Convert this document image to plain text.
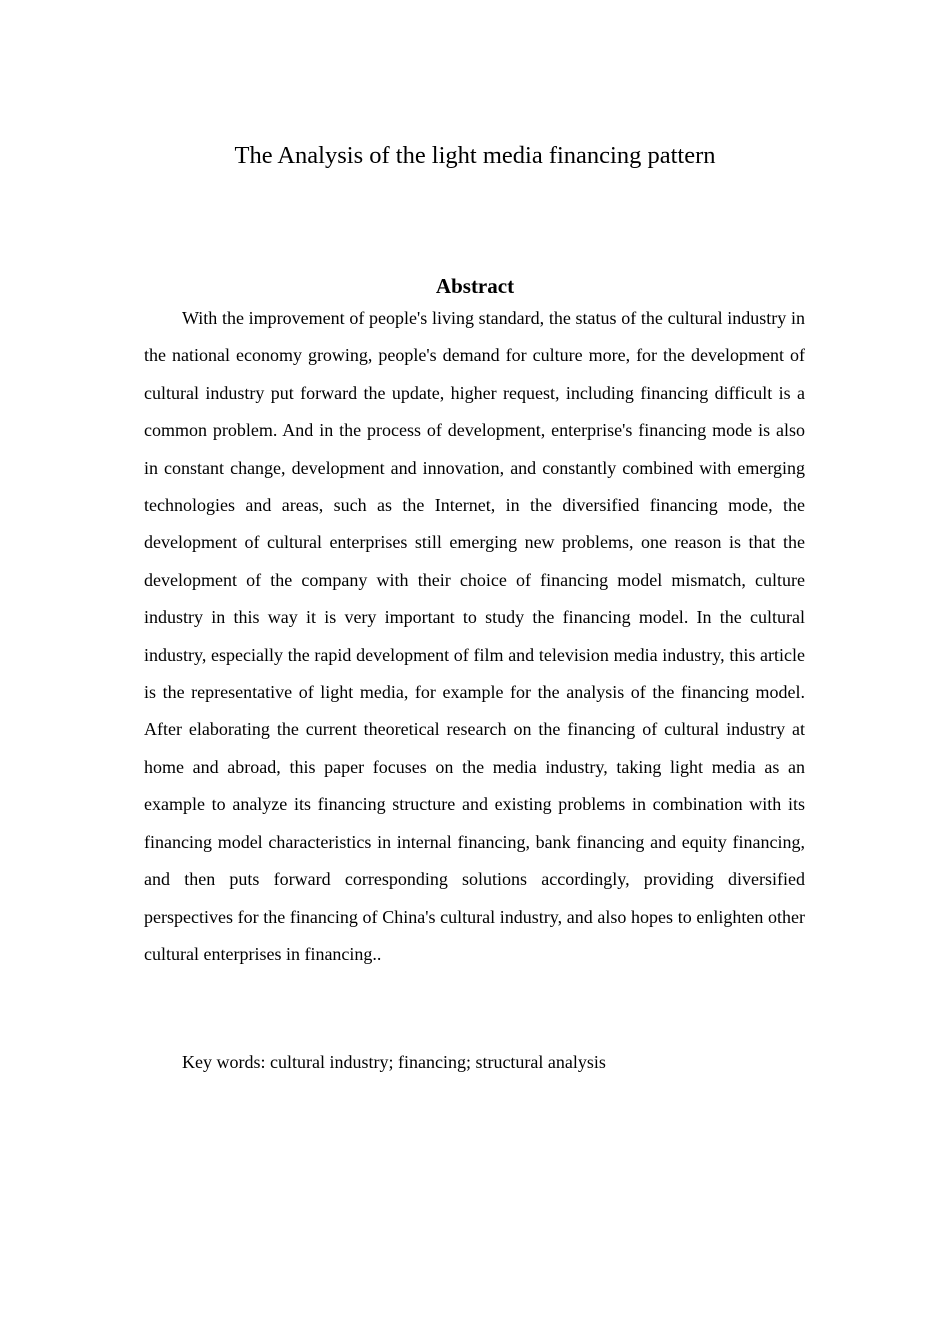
The Analysis of the light media financing pattern
Abstract

With the improvement of people's living standard, the status of the cultural industry in the national economy growing, people's demand for culture more, for the development of cultural industry put forward the update, higher request, including financing difficult is a common problem. And in the process of development, enterprise's financing mode is also in constant change, development and innovation, and constantly combined with emerging technologies and areas, such as the Internet, in the diversified financing mode, the development of cultural enterprises still emerging new problems, one reason is that the development of the company with their choice of financing model mismatch, culture industry in this way it is very important to study the financing model. In the cultural industry, especially the rapid development of film and television media industry, this article is the representative of light media, for example for the analysis of the financing model. After elaborating the current theoretical research on the financing of cultural industry at home and abroad, this paper focuses on the media industry, taking light media as an example to analyze its financing structure and existing problems in combination with its financing model characteristics in internal financing, bank financing and equity financing, and then puts forward corresponding solutions accordingly, providing diversified perspectives for the financing of China's cultural industry, and also hopes to enlighten other cultural enterprises in financing..

Key words: cultural industry; financing; structural analysis
